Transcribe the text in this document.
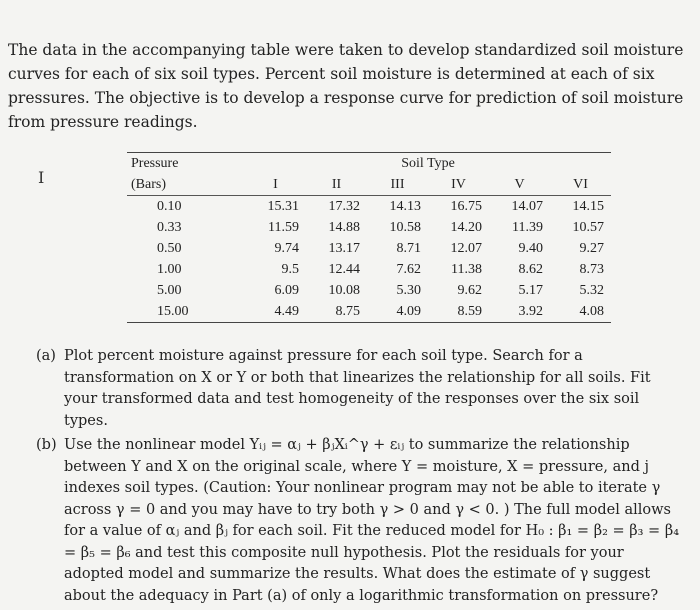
The data in the accompanying table were taken to develop standardized soil moisture curves for each of six soil types. Percent soil moisture is determined at each of six pressures. The objective is to develop a response curve for prediction of soil moisture from pressure readings.

I
Pressure	Soil Type					
(Bars)	I	II	III	IV	V	VI
0.10	15.31	17.32	14.13	16.75	14.07	14.15
0.33	11.59	14.88	10.58	14.20	11.39	10.57
0.50	9.74	13.17	8.71	12.07	9.40	9.27
1.00	9.5	12.44	7.62	11.38	8.62	8.73
5.00	6.09	10.08	5.30	9.62	5.17	5.32
15.00	4.49	8.75	4.09	8.59	3.92	4.08
(a) Plot percent moisture against pressure for each soil type. Search for a transformation on X or Y or both that linearizes the relationship for all soils. Fit your transformed data and test homogeneity of the responses over the six soil types.

(b) Use the nonlinear model Yᵢⱼ = αⱼ + βⱼXᵢ^γ + εᵢⱼ to summarize the relationship between Y and X on the original scale, where Y = moisture, X = pressure, and j indexes soil types. (Caution: Your nonlinear program may not be able to iterate γ across γ = 0 and you may have to try both γ > 0 and γ < 0. ) The full model allows for a value of αⱼ and βⱼ for each soil. Fit the reduced model for H₀ : β₁ = β₂ = β₃ = β₄ = β₅ = β₆ and test this composite null hypothesis. Plot the residuals for your adopted model and summarize the results. What does the estimate of γ suggest about the adequacy in Part (a) of only a logarithmic transformation on pressure?
